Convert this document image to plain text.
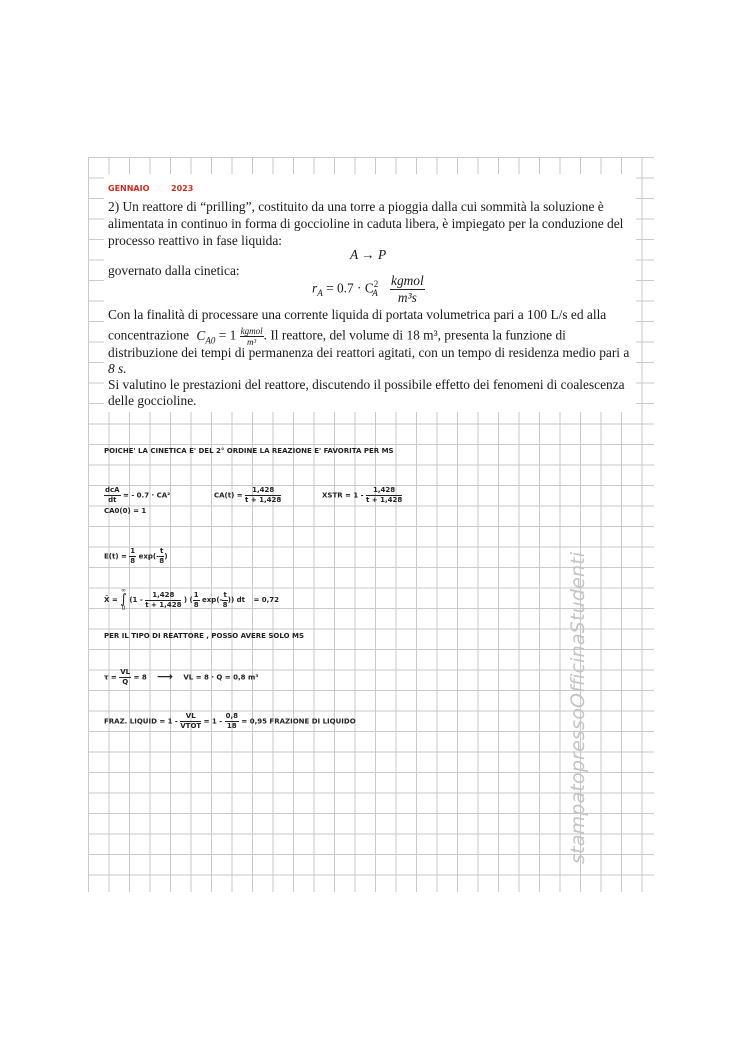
GENNAIO	2023
2) Un reattore di “prilling”, costituito da una torre a pioggia dalla cui sommità la soluzione è
alimentata in continuo in forma di goccioline in caduta libera, è impiegato per la conduzione del
processo reattivo in fase liquida:
A → P
governato dalla cinetica:
$r_A = 0.7 \cdot C^2_A \frac{\text{kgmol}}{\text{m³s}}$
Con la finalità di processare una corrente liquida di portata volumetrica pari a 100 L/s ed alla
concentrazione $C_{A0} = 1 \frac{\text{kgmol}}{\text{m³}}$ . Il reattore, del volume di 18 m³, presenta la funzione di
distribuzione dei tempi di permanenza dei reattori agitati, con un tempo di residenza medio pari a
8 s.
Si valutino le prestazioni del reattore, discutendo il possibile effetto dei fenomeni di coalescenza
delle goccioline.
POICHE' LA CINETICA E' DEL 2° ORDINE LA REAZIONE E' FAVORITA PER MS
$\frac{\text{dcA}}{dt}$ = - 0.7 · CA²
CA0(0) = 1
$CA(t) = \frac{1,428}{t + 1,428}$	XSTR = $1 - \frac{1,428}{t + 1,428}$
$E(t) = \frac{1}{8} \exp(- \frac{t}{8}$ )
X̄ =
∞
∫
0
($1 - \frac{1,428}{t + 1,428}$ ) ( $\frac{1}{8} \exp(- \frac{t}{8}$ )) dt = 0,72
PER IL TIPO DI REATTORE , POSSO AVERE SOLO MS
$\tau = \frac{VL}{Q} = 8$ ⟶ VL = 8 · Q = 0,8 m³
FRAZ. LIQUID = $1 - \frac{VL}{\text{VTOT}} = 1 - \frac{0,8}{18} = 0,95$ FRAZIONE DI LIQUIDO	stampatopressoOfficinaStudenti
